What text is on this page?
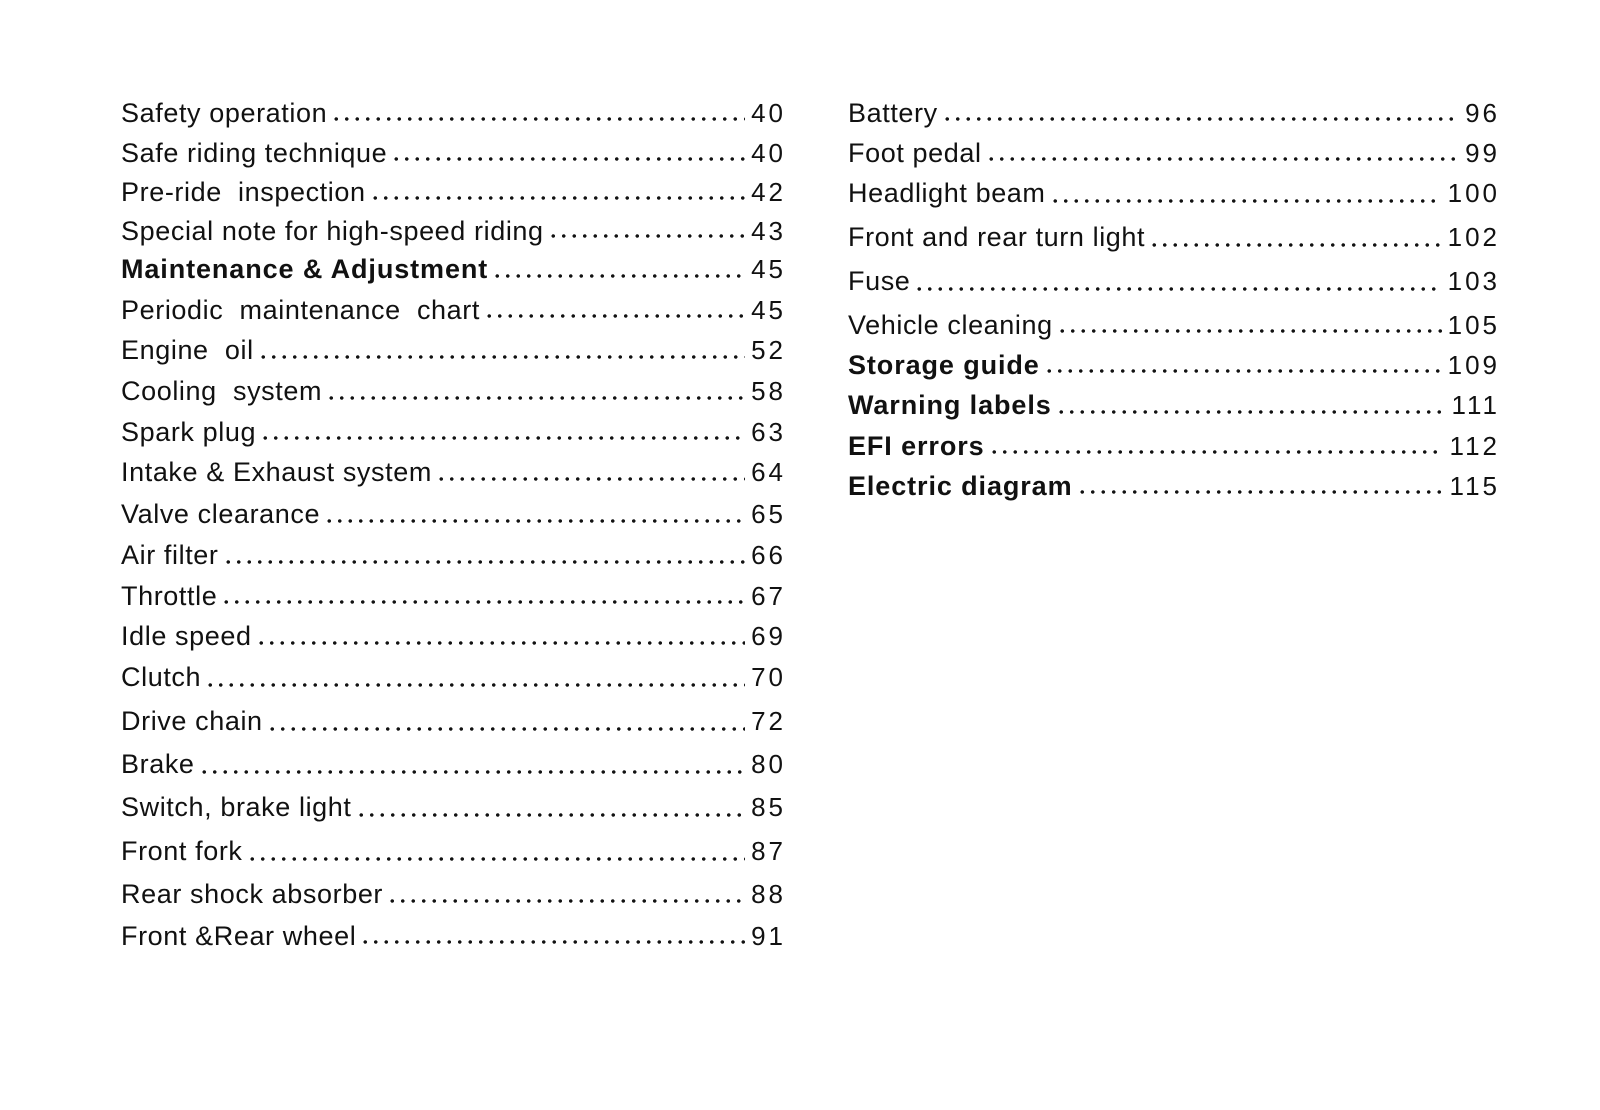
Safety operation	40
Safe riding technique	40
Pre-ride  inspection	42
Special note for high-speed riding	43
Maintenance & Adjustment	45
Periodic  maintenance  chart	45
Engine  oil	52
Cooling  system	58
Spark plug	63
Intake & Exhaust system	64
Valve clearance	65
Air filter	66
Throttle	67
Idle speed	69
Clutch	70
Drive chain	72
Brake	80
Switch, brake light	85
Front fork	87
Rear shock absorber	88
Front &Rear wheel	91
Battery	96
Foot pedal	99
Headlight beam	100
Front and rear turn light	102
Fuse	103
Vehicle cleaning	105
Storage guide	109
Warning labels	111
EFI errors	112
Electric diagram	115
